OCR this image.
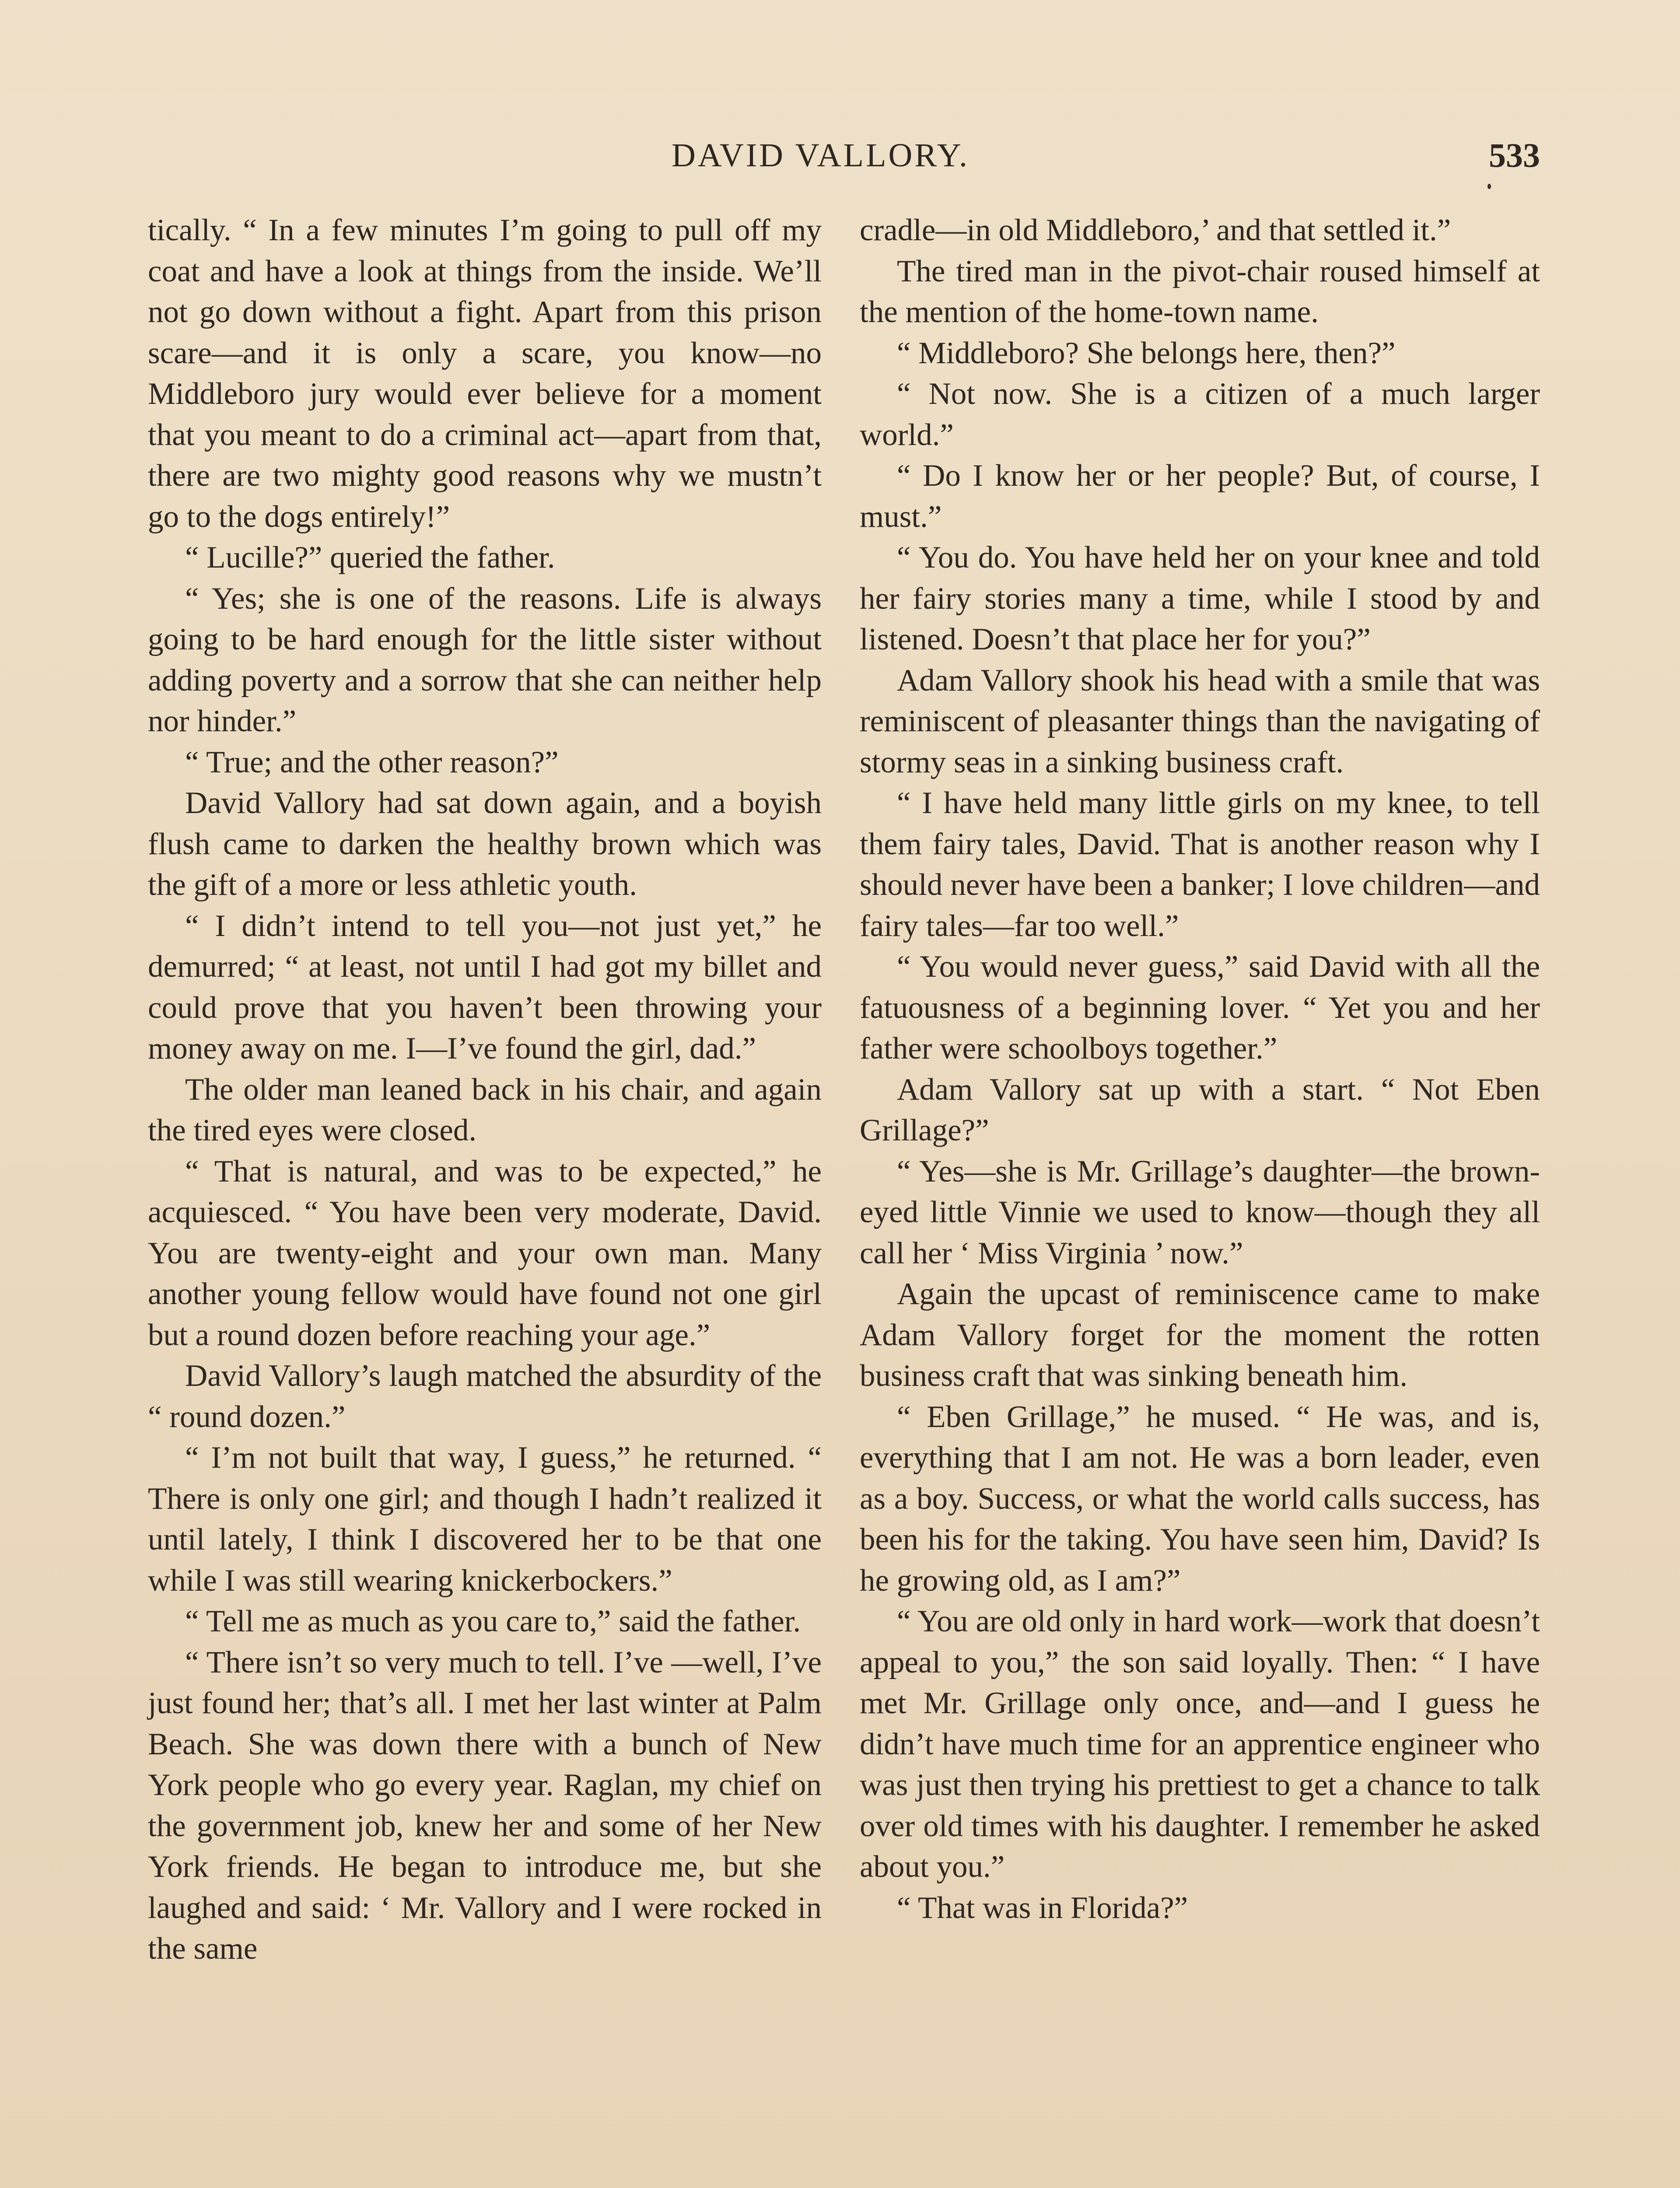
DAVID VALLORY.	533

tically. “ In a few minutes I’m going to pull off my coat and have a look at things from the inside. We’ll not go down without a fight. Apart from this prison scare—and it is only a scare, you know—no Middleboro jury would ever believe for a moment that you meant to do a criminal act—apart from that, there are two mighty good reasons why we mustn’t go to the dogs entirely!”

“ Lucille?” queried the father.

“ Yes; she is one of the reasons. Life is always going to be hard enough for the little sister without adding poverty and a sorrow that she can neither help nor hinder.”

“ True; and the other reason?”

David Vallory had sat down again, and a boyish flush came to darken the healthy brown which was the gift of a more or less athletic youth.

“ I didn’t intend to tell you—not just yet,” he demurred; “ at least, not until I had got my billet and could prove that you haven’t been throwing your money away on me. I—I’ve found the girl, dad.”

The older man leaned back in his chair, and again the tired eyes were closed.

“ That is natural, and was to be expected,” he acquiesced. “ You have been very moderate, David. You are twenty-eight and your own man. Many another young fellow would have found not one girl but a round dozen before reaching your age.”

David Vallory’s laugh matched the absurdity of the “ round dozen.”

“ I’m not built that way, I guess,” he returned. “ There is only one girl; and though I hadn’t realized it until lately, I think I discovered her to be that one while I was still wearing knickerbockers.”

“ Tell me as much as you care to,” said the father.

“ There isn’t so very much to tell. I’ve —well, I’ve just found her; that’s all. I met her last winter at Palm Beach. She was down there with a bunch of New York people who go every year. Raglan, my chief on the government job, knew her and some of her New York friends. He began to introduce me, but she laughed and said: ‘ Mr. Vallory and I were rocked in the same

cradle—in old Middleboro,’ and that settled it.”

The tired man in the pivot-chair roused himself at the mention of the home-town name.

“ Middleboro? She belongs here, then?”

“ Not now. She is a citizen of a much larger world.”

“ Do I know her or her people? But, of course, I must.”

“ You do. You have held her on your knee and told her fairy stories many a time, while I stood by and listened. Doesn’t that place her for you?”

Adam Vallory shook his head with a smile that was reminiscent of pleasanter things than the navigating of stormy seas in a sinking business craft.

“ I have held many little girls on my knee, to tell them fairy tales, David. That is another reason why I should never have been a banker; I love children—and fairy tales—far too well.”

“ You would never guess,” said David with all the fatuousness of a beginning lover. “ Yet you and her father were schoolboys together.”

Adam Vallory sat up with a start. “ Not Eben Grillage?”

“ Yes—she is Mr. Grillage’s daughter—the brown-eyed little Vinnie we used to know—though they all call her ‘ Miss Virginia ’ now.”

Again the upcast of reminiscence came to make Adam Vallory forget for the moment the rotten business craft that was sinking beneath him.

“ Eben Grillage,” he mused. “ He was, and is, everything that I am not. He was a born leader, even as a boy. Success, or what the world calls success, has been his for the taking. You have seen him, David? Is he growing old, as I am?”

“ You are old only in hard work—work that doesn’t appeal to you,” the son said loyally. Then: “ I have met Mr. Grillage only once, and—and I guess he didn’t have much time for an apprentice engineer who was just then trying his prettiest to get a chance to talk over old times with his daughter. I remember he asked about you.”

“ That was in Florida?”
